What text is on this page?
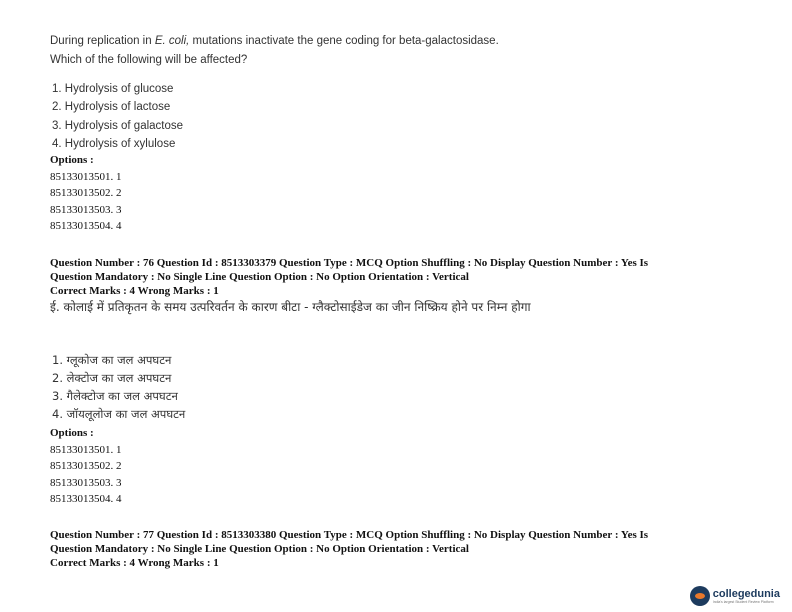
During replication in E. coli, mutations inactivate the gene coding for beta-galactosidase.
Which of the following will be affected?
1. Hydrolysis of glucose
2. Hydrolysis of lactose
3. Hydrolysis of galactose
4. Hydrolysis of xylulose
Options :
85133013501. 1
85133013502. 2
85133013503. 3
85133013504. 4
Question Number : 76 Question Id : 8513303379 Question Type : MCQ Option Shuffling : No Display Question Number : Yes Is
Question Mandatory : No Single Line Question Option : No Option Orientation : Vertical
Correct Marks : 4 Wrong Marks : 1
ई. कोलाई में प्रतिकृतन के समय उत्परिवर्तन के कारण बीटा - ग्लैक्टोसाईडेज का जीन निष्क्रिय होने पर निम्न होगा
1. ग्लूकोज का जल अपघटन
2. लेक्टोज का जल अपघटन
3. गैलेक्टोज का जल अपघटन
4. जॉयलूलोज का जल अपघटन
Options :
85133013501. 1
85133013502. 2
85133013503. 3
85133013504. 4
Question Number : 77 Question Id : 8513303380 Question Type : MCQ Option Shuffling : No Display Question Number : Yes Is
Question Mandatory : No Single Line Question Option : No Option Orientation : Vertical
Correct Marks : 4 Wrong Marks : 1
collegedunia
India's largest Student Review Platform
